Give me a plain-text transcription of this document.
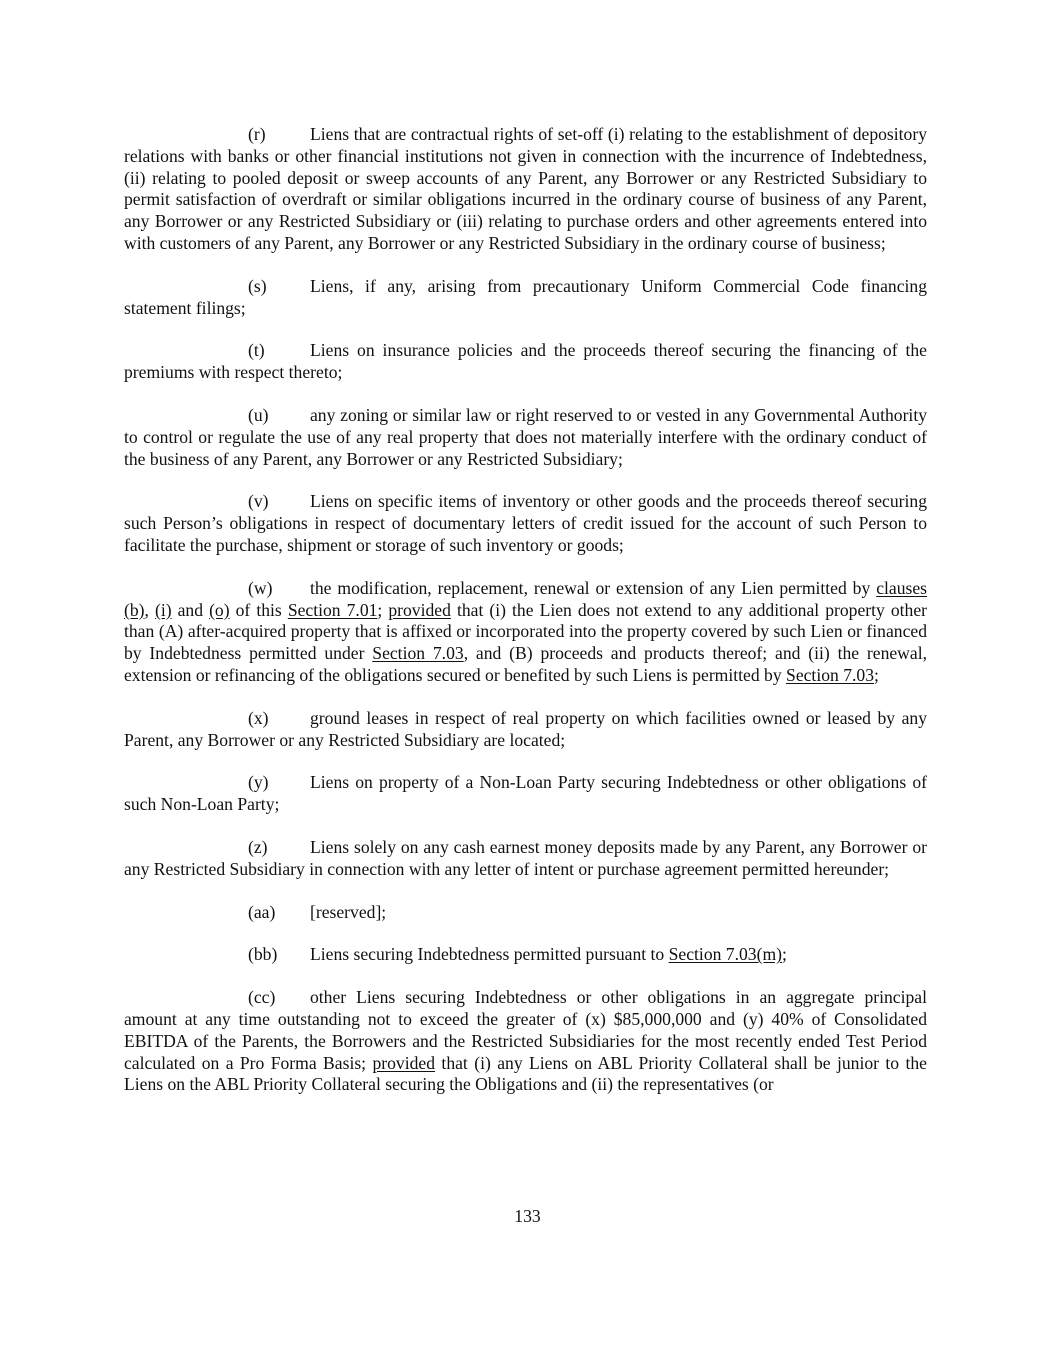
(r)	Liens that are contractual rights of set-off (i) relating to the establishment of depository relations with banks or other financial institutions not given in connection with the incurrence of Indebtedness, (ii) relating to pooled deposit or sweep accounts of any Parent, any Borrower or any Restricted Subsidiary to permit satisfaction of overdraft or similar obligations incurred in the ordinary course of business of any Parent, any Borrower or any Restricted Subsidiary or (iii) relating to purchase orders and other agreements entered into with customers of any Parent, any Borrower or any Restricted Subsidiary in the ordinary course of business;

(s) Liens, if any, arising from precautionary Uniform Commercial Code financing statement filings;

(t)	Liens on insurance policies and the proceeds thereof securing the financing of the premiums with respect thereto;

(u) any zoning or similar law or right reserved to or vested in any Governmental Authority to control or regulate the use of any real property that does not materially interfere with the ordinary conduct of the business of any Parent, any Borrower or any Restricted Subsidiary;

(v) Liens on specific items of inventory or other goods and the proceeds thereof securing such Person’s obligations in respect of documentary letters of credit issued for the account of such Person to facilitate the purchase, shipment or storage of such inventory or goods;

(w) the modification, replacement, renewal or extension of any Lien permitted by clauses (b), (i) and (o) of this Section 7.01; provided that (i) the Lien does not extend to any additional property other than (A) after-acquired property that is affixed or incorporated into the property covered by such Lien or financed by Indebtedness permitted under Section 7.03, and (B) proceeds and products thereof; and (ii) the renewal, extension or refinancing of the obligations secured or benefited by such Liens is permitted by Section 7.03;

(x) ground leases in respect of real property on which facilities owned or leased by any Parent, any Borrower or any Restricted Subsidiary are located;

(y) Liens on property of a Non-Loan Party securing Indebtedness or other obligations of such Non-Loan Party;

(z) Liens solely on any cash earnest money deposits made by any Parent, any Borrower or any Restricted Subsidiary in connection with any letter of intent or purchase agreement permitted hereunder;

(aa) [reserved];

(bb) Liens securing Indebtedness permitted pursuant to Section 7.03(m);

(cc) other Liens securing Indebtedness or other obligations in an aggregate principal amount at any time outstanding not to exceed the greater of (x) $85,000,000 and (y) 40% of Consolidated EBITDA of the Parents, the Borrowers and the Restricted Subsidiaries for the most recently ended Test Period calculated on a Pro Forma Basis; provided that (i) any Liens on ABL Priority Collateral shall be junior to the Liens on the ABL Priority Collateral securing the Obligations and (ii) the representatives (or

133
